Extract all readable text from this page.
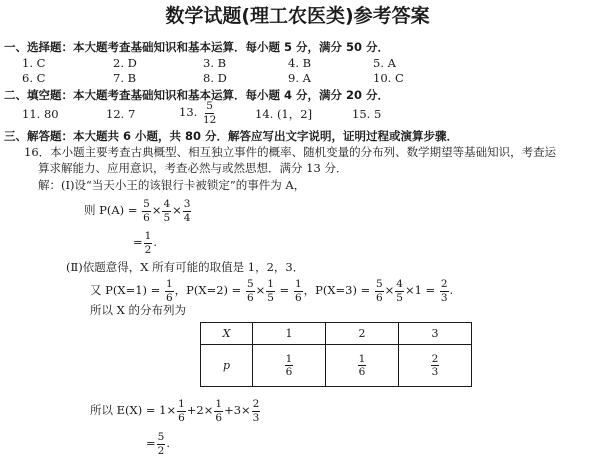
数学试题(理工农医类)参考答案
一、选择题：本大题考查基础知识和基本运算．每小题 5 分，满分 50 分．
1. C	2. D	3. B	4. B	5. A
6. C	7. B	8. D	9. A	10. C
二、填空题：本大题考查基础知识和基本运算．每小题 4 分，满分 20 分．
11. 80	12. 7	13.
$\frac{5}{12}$	14. (1，2]	15. 5
三、解答题：本大题共 6 小题，共 80 分．解答应写出文字说明，证明过程或演算步骤．
16．本小题主要考查古典概型、相互独立事件的概率、随机变量的分布列、数学期望等基础知识，考查运
算求解能力、应用意识，考查必然与或然思想．满分 13 分．
解：(Ⅰ)设“当天小王的该银行卡被锁定”的事件为 A，
则 P(A) =
$\frac{5}{6} \times \frac{4}{5} \times \frac{3}{4}$
= $\frac{1}{2}$ .
(Ⅱ)依题意得，X 所有可能的取值是 1，2，3．
又 P(X=1) =
$\frac{1}{6}$ ，P(X=2) =
$\frac{5}{6} \times \frac{1}{5} = \frac{1}{6}$ ，P(X=3) =
$\frac{5}{6} \times \frac{4}{5} \times 1$ =
$\frac{2}{3}$ .
所以 X 的分布列为
X	1	2	3
p	$\frac{1}{6}$	$\frac{1}{6}$	$\frac{2}{3}$
所以 $E(X) = 1\times \frac{1}{6} +2\times \frac{1}{6} +3\times \frac{2}{3}$
= $\frac{5}{2}$ .
